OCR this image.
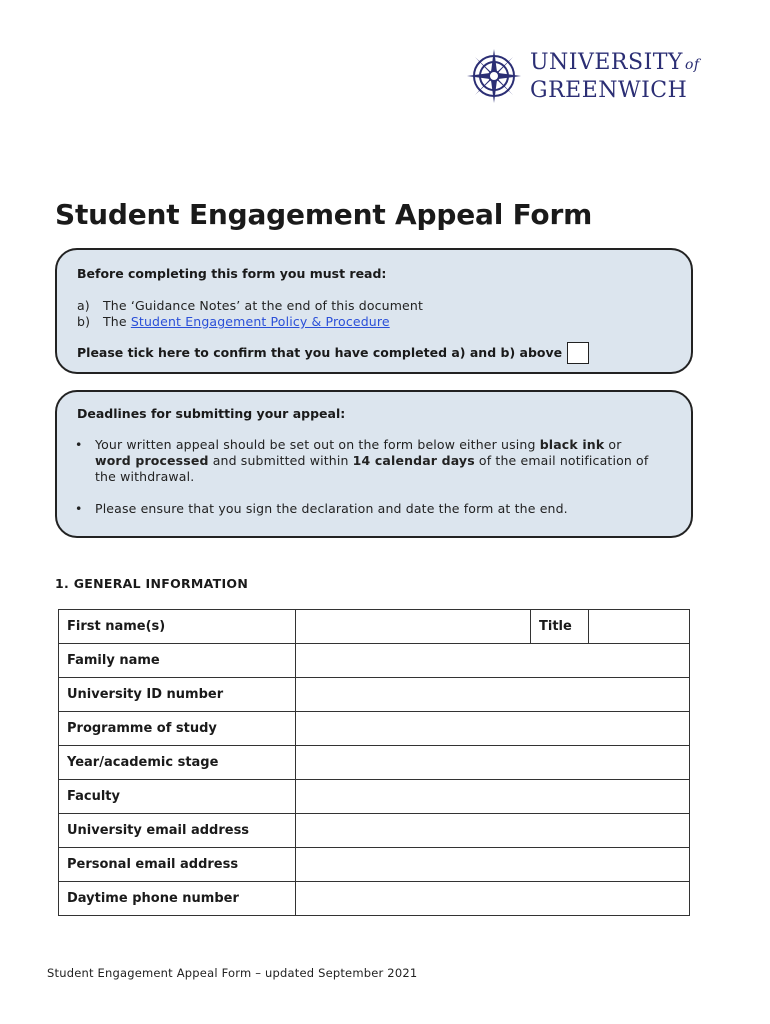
UNIVERSITY of
GREENWICH
Student Engagement Appeal Form
Before completing this form you must read:
a) The ‘Guidance Notes’ at the end of this document
b) The Student Engagement Policy & Procedure
Please tick here to confirm that you have completed a) and b) above
Deadlines for submitting your appeal:
• Your written appeal should be set out on the form below either using black ink or word processed and submitted within 14 calendar days of the email notification of the withdrawal.
• Please ensure that you sign the declaration and date the form at the end.
1. GENERAL INFORMATION
First name(s)		Title	
Family name			
University ID number			
Programme of study			
Year/academic stage			
Faculty			
University email address			
Personal email address			
Daytime phone number			
Student Engagement Appeal Form – updated September 2021
